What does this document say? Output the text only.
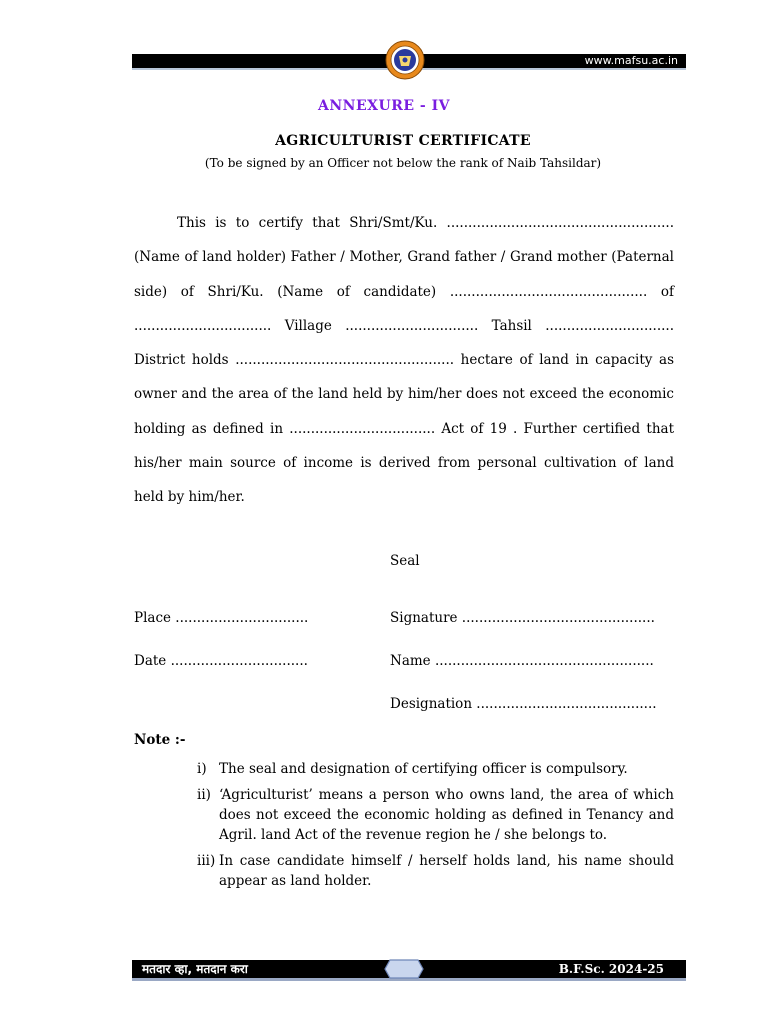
www.mafsu.ac.in
ANNEXURE - IV
AGRICULTURIST CERTIFICATE
(To be signed by an Officer not below the rank of Naib Tahsildar)
This is to certify that Shri/Smt/Ku. ..................................................... (Name of land holder) Father / Mother, Grand father / Grand mother (Paternal side) of Shri/Ku. (Name of candidate) .............................................. of ................................ Village ............................... Tahsil .............................. District holds ................................................... hectare of land in capacity as owner and the area of the land held by him/her does not exceed the economic holding as defined in .................................. Act of 19 . Further certified that his/her main source of income is derived from personal cultivation of land held by him/her.
Seal
Place ...............................	Signature .............................................
Date ................................	Name ...................................................
Designation ..........................................
Note :-
i) The seal and designation of certifying officer is compulsory.
ii) ‘Agriculturist’ means a person who owns land, the area of which does not exceed the economic holding as defined in Tenancy and Agril. land Act of the revenue region he / she belongs to.
iii) In case candidate himself / herself holds land, his name should appear as land holder.
मतदार व्हा, मतदान करा	B.F.Sc. 2024-25
